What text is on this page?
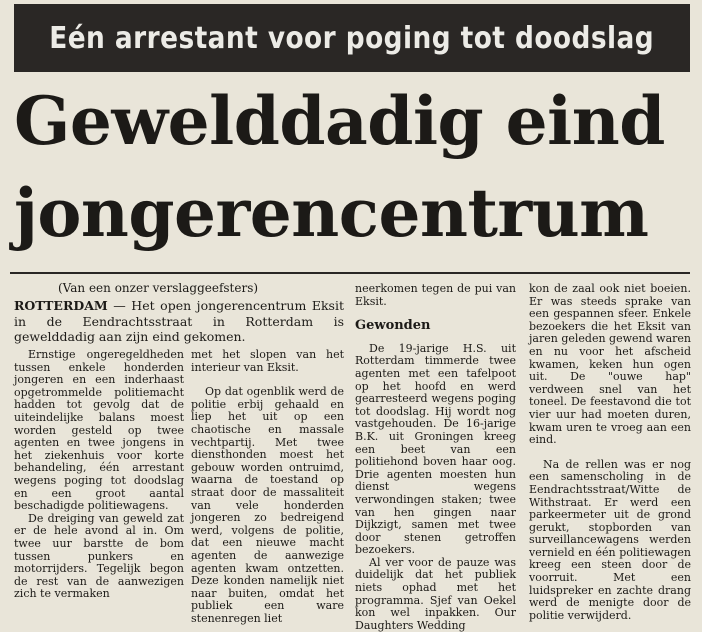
Eén arrestant voor poging tot doodslag
Gewelddadig eind
jongerencentrum
(Van een onzer verslaggeefsters)
ROTTERDAM — Het open jongerencentrum Eksit in de Eendrachtsstraat in Rotterdam is gewelddadig aan zijn eind gekomen.

Ernstige ongeregeldheden tussen enkele honderden jongeren en een inderhaast opgetrommelde politiemacht hadden tot gevolg dat de uiteindelijke balans moest worden gesteld op twee agenten en twee jongens in het ziekenhuis voor korte behandeling, één arrestant wegens poging tot doodslag en een groot aantal beschadigde politiewagens.

De dreiging van geweld zat er de hele avond al in. Om twee uur barstte de bom tussen punkers en motorrijders. Tegelijk begon de rest van de aanwezigen zich te vermaken

met het slopen van het interieur van Eksit.

Op dat ogenblik werd de politie erbij gehaald en liep het uit op een chaotische en massale vechtpartij. Met twee diensthonden moest het gebouw worden ontruimd, waarna de toestand op straat door de massaliteit van vele honderden jongeren zo bedreigend werd, volgens de politie, dat een nieuwe macht agenten de aanwezige agenten kwam ontzetten. Deze konden namelijk niet naar buiten, omdat het publiek een ware stenenregen liet

neerkomen tegen de pui van Eksit.

Gewonden

De 19-jarige H.S. uit Rotterdam timmerde twee agenten met een tafelpoot op het hoofd en werd gearresteerd wegens poging tot doodslag. Hij wordt nog vastgehouden. De 16-jarige B.K. uit Groningen kreeg een beet van een politiehond boven haar oog. Drie agenten moesten hun dienst wegens verwondingen staken; twee van hen gingen naar Dijkzigt, samen met twee door stenen getroffen bezoekers.

Al ver voor de pauze was duidelijk dat het publiek niets ophad met het programma. Sjef van Oekel kon wel inpakken. Our Daughters Wedding

kon de zaal ook niet boeien. Er was steeds sprake van een gespannen sfeer. Enkele bezoekers die het Eksit van jaren geleden gewend waren en nu voor het afscheid kwamen, keken hun ogen uit. De "ouwe hap" verdween snel van het toneel. De feestavond die tot vier uur had moeten duren, kwam uren te vroeg aan een eind.

Na de rellen was er nog een samenscholing in de Eendrachtsstraat/Witte de Withstraat. Er werd een parkeermeter uit de grond gerukt, stopborden van surveillancewagens werden vernield en één politiewagen kreeg een steen door de voorruit. Met een luidspreker en zachte drang werd de menigte door de politie verwijderd.
